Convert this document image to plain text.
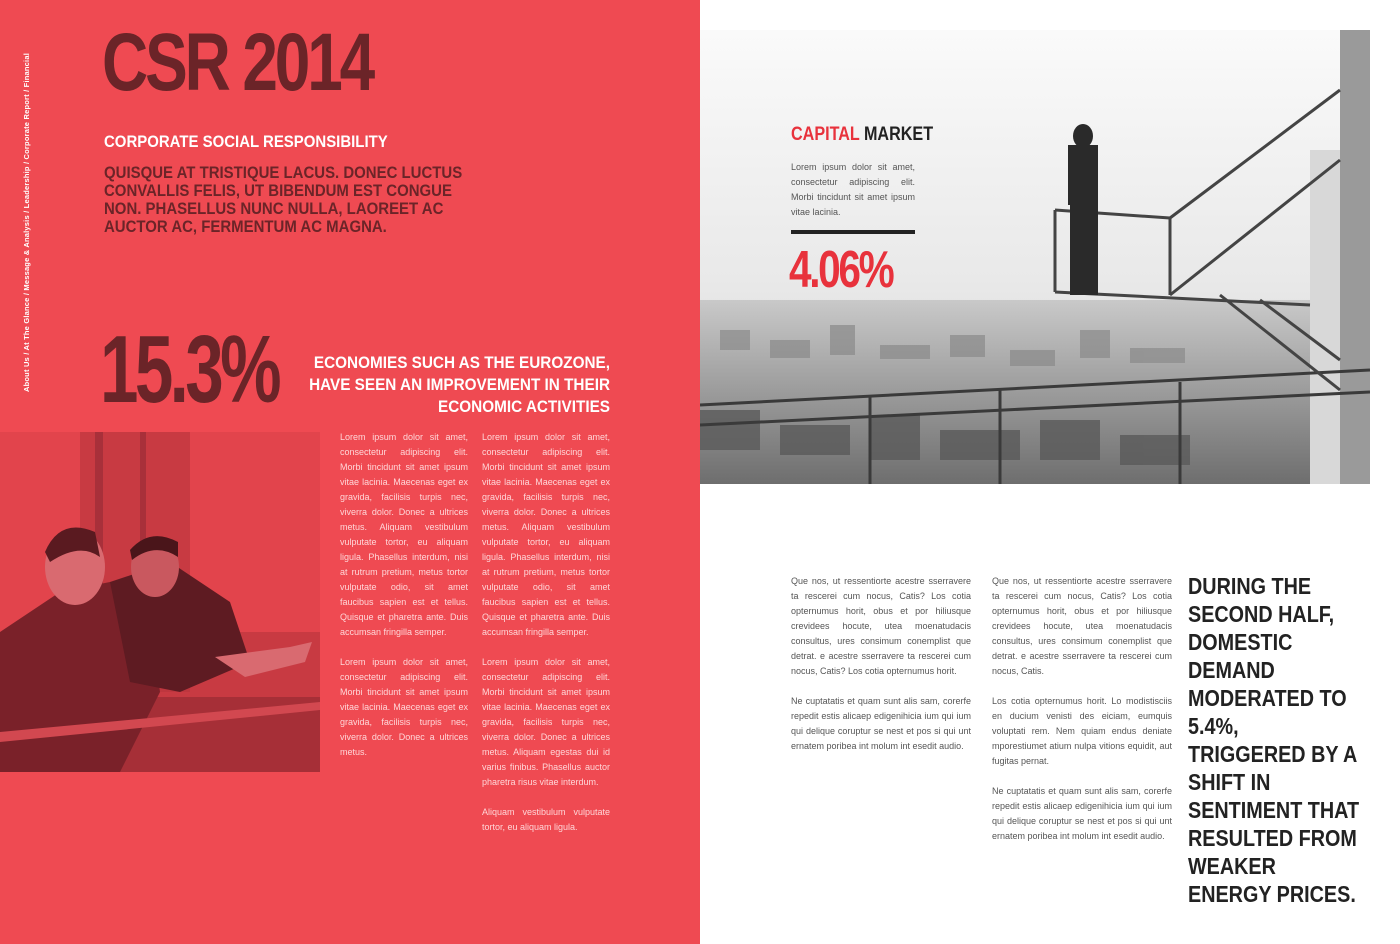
About Us / At The Glance / Message & Analysis / Leadership / Corporate Report / Financial CSR 2014
CORPORATE SOCIAL RESPONSIBILITY
QUISQUE AT TRISTIQUE LACUS. DONEC LUCTUS CONVALLIS FELIS, UT BIBENDUM EST CONGUE NON. PHASELLUS NUNC NULLA, LAOREET AC AUCTOR AC, FERMENTUM AC MAGNA.
15.3%	ECONOMIES SUCH AS THE EUROZONE, HAVE SEEN AN IMPROVEMENT IN THEIR ECONOMIC ACTIVITIES

Lorem ipsum dolor sit amet, consectetur adipiscing elit. Morbi tincidunt sit amet ipsum vitae lacinia. Maecenas eget ex gravida, facilisis turpis nec, viverra dolor. Donec a ultrices metus. Aliquam vestibulum vulputate tortor, eu aliquam ligula. Phasellus interdum, nisi at rutrum pretium, metus tortor vulputate odio, sit amet faucibus sapien est et tellus. Quisque et pharetra ante. Duis accumsan fringilla semper.

Lorem ipsum dolor sit amet, consectetur adipiscing elit. Morbi tincidunt sit amet ipsum vitae lacinia. Maecenas eget ex gravida, facilisis turpis nec, viverra dolor. Donec a ultrices metus.

Lorem ipsum dolor sit amet, consectetur adipiscing elit. Morbi tincidunt sit amet ipsum vitae lacinia. Maecenas eget ex gravida, facilisis turpis nec, viverra dolor. Donec a ultrices metus. Aliquam vestibulum vulputate tortor, eu aliquam ligula. Phasellus interdum, nisi at rutrum pretium, metus tortor vulputate odio, sit amet faucibus sapien est et tellus. Quisque et pharetra ante. Duis accumsan fringilla semper.

Lorem ipsum dolor sit amet, consectetur adipiscing elit. Morbi tincidunt sit amet ipsum vitae lacinia. Maecenas eget ex gravida, facilisis turpis nec, viverra dolor. Donec a ultrices metus. Aliquam egestas dui id varius finibus. Phasellus auctor pharetra risus vitae interdum.

Aliquam vestibulum vulputate tortor, eu aliquam ligula.

CAPITAL MARKET
Lorem ipsum dolor sit amet, consectetur adipiscing elit. Morbi tincidunt sit amet ipsum vitae lacinia.
4.06%

Que nos, ut ressentiorte acestre sserravere ta rescerei cum nocus, Catis? Los cotia opternumus horit, obus et por hiliusque crevidees hocute, utea moenatudacis consultus, ures consimum conemplist que detrat. e acestre sserravere ta rescerei cum nocus, Catis? Los cotia opternumus horit.

Ne cuptatatis et quam sunt alis sam, corerfe repedit estis alicaep edigenihicia ium qui ium qui delique coruptur se nest et pos si qui unt ernatem poribea int molum int esedit audio.

Que nos, ut ressentiorte acestre sserravere ta rescerei cum nocus, Catis? Los cotia opternumus horit, obus et por hiliusque crevidees hocute, utea moenatudacis consultus, ures consimum conemplist que detrat. e acestre sserravere ta rescerei cum nocus, Catis.

Los cotia opternumus horit. Lo modistisciis en ducium venisti des eiciam, eumquis voluptati rem. Nem quiam endus deniate mporestiumet atium nulpa vitions equidit, aut fugitas pernat.

Ne cuptatatis et quam sunt alis sam, corerfe repedit estis alicaep edigenihicia ium qui ium qui delique coruptur se nest et pos si qui unt ernatem poribea int molum int esedit audio.

DURING THE SECOND HALF, DOMESTIC DEMAND MODERATED TO 5.4%, TRIGGERED BY A SHIFT IN SENTIMENT THAT RESULTED FROM WEAKER ENERGY PRICES.
